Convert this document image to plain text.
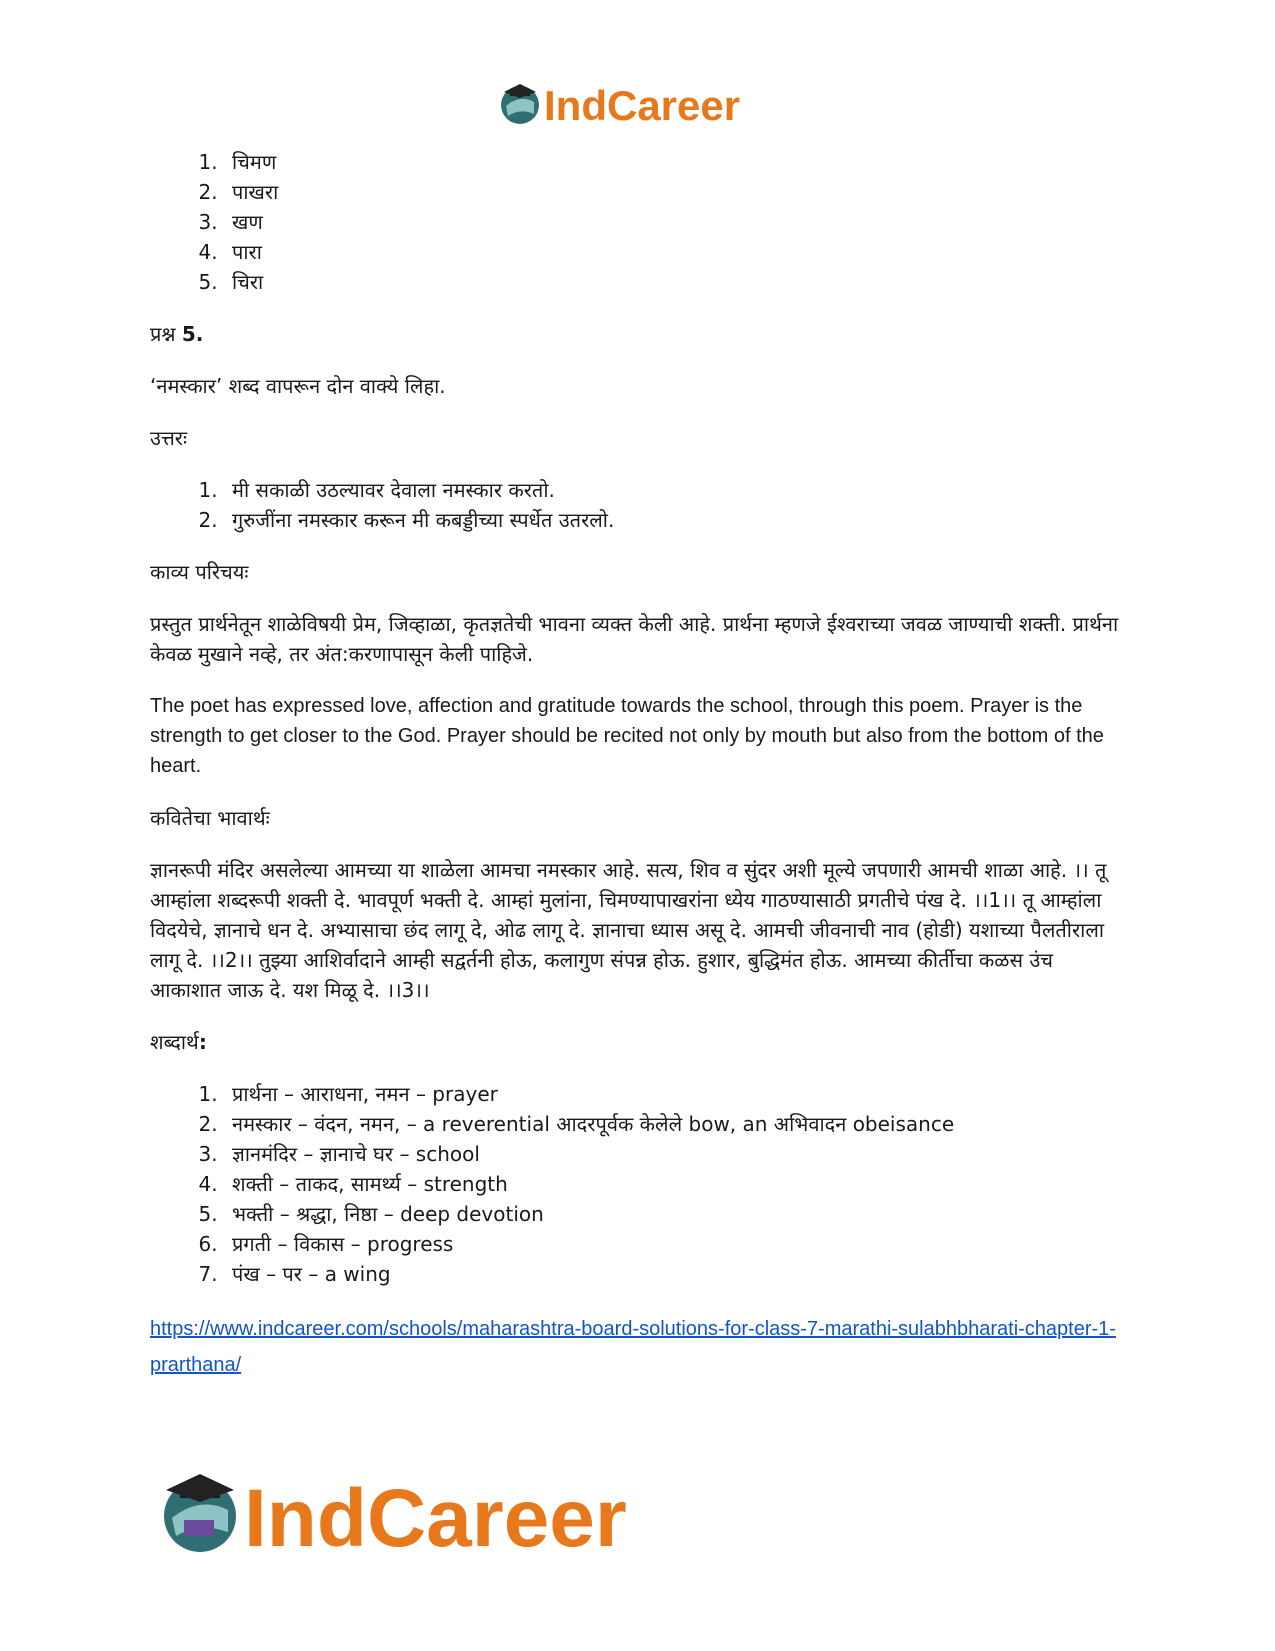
IndCareer
1. चिमण
2. पाखरा
3. खण
4. पारा
5. चिरा

प्रश्न 5.

‘नमस्कार’ शब्द वापरून दोन वाक्ये लिहा.

उत्तरः

1. मी सकाळी उठल्यावर देवाला नमस्कार करतो.
2. गुरुजींना नमस्कार करून मी कबड्डीच्या स्पर्धेत उतरलो.

काव्य परिचयः

प्रस्तुत प्रार्थनेतून शाळेविषयी प्रेम, जिव्हाळा, कृतज्ञतेची भावना व्यक्त केली आहे. प्रार्थना म्हणजे ईश्वराच्या जवळ जाण्याची शक्ती. प्रार्थना केवळ मुखाने नव्हे, तर अंत:करणापासून केली पाहिजे.

The poet has expressed love, affection and gratitude towards the school, through this poem. Prayer is the strength to get closer to the God. Prayer should be recited not only by mouth but also from the bottom of the heart.

कवितेचा भावार्थः

ज्ञानरूपी मंदिर असलेल्या आमच्या या शाळेला आमचा नमस्कार आहे. सत्य, शिव व सुंदर अशी मूल्ये जपणारी आमची शाळा आहे. ।। तू आम्हांला शब्दरूपी शक्ती दे. भावपूर्ण भक्ती दे. आम्हां मुलांना, चिमण्यापाखरांना ध्येय गाठण्यासाठी प्रगतीचे पंख दे. ।।1।। तू आम्हांला विदयेचे, ज्ञानाचे धन दे. अभ्यासाचा छंद लागू दे, ओढ लागू दे. ज्ञानाचा ध्यास असू दे. आमची जीवनाची नाव (होडी) यशाच्या पैलतीराला लागू दे. ।।2।। तुझ्या आशिर्वादाने आम्ही सद्वर्तनी होऊ, कलागुण संपन्न होऊ. हुशार, बुद्धिमंत होऊ. आमच्या कीर्तीचा कळस उंच आकाशात जाऊ दे. यश मिळू दे. ।।3।।

शब्दार्थ:

1. प्रार्थना – आराधना, नमन – prayer
2. नमस्कार – वंदन, नमन, – a reverential आदरपूर्वक केलेले bow, an अभिवादन obeisance
3. ज्ञानमंदिर – ज्ञानाचे घर – school
4. शक्ती – ताकद, सामर्थ्य – strength
5. भक्ती – श्रद्धा, निष्ठा – deep devotion
6. प्रगती – विकास – progress
7. पंख – पर – a wing
https://www.indcareer.com/schools/maharashtra-board-solutions-for-class-7-marathi-sulabhbharati-chapter-1-prarthana/
IndCareer
